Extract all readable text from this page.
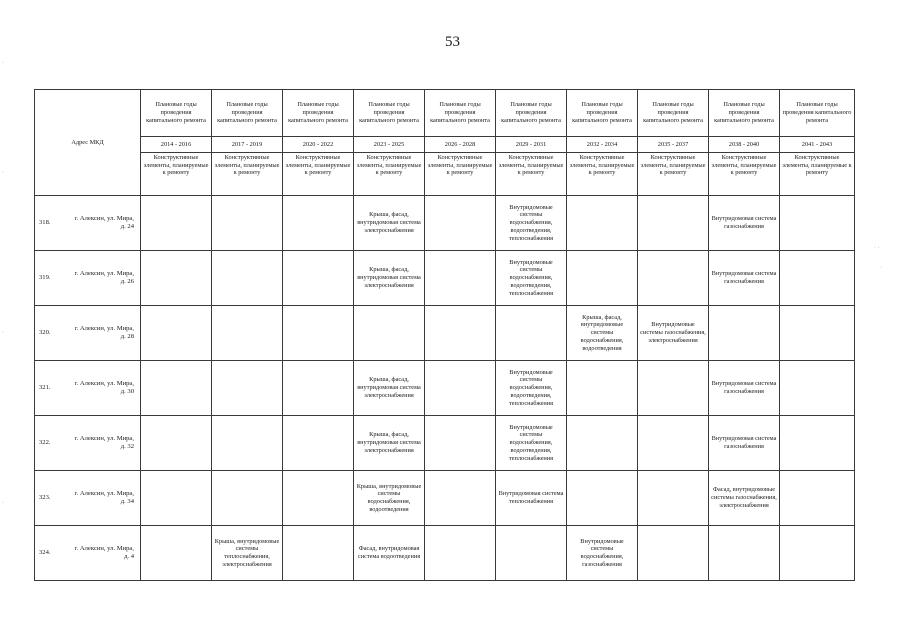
53
·
·
·
·
· ·
·
Адрес МКД		Плановые годы проведения капитального ремонта	Плановые годы проведения капитального ремонта	Плановые годы проведения капитального ремонта	Плановые годы проведения капитального ремонта	Плановые годы проведения капитального ремонта	Плановые годы проведения капитального ремонта	Плановые годы проведения капитального ремонта	Плановые годы проведения капитального ремонта	Плановые годы проведения капитального ремонта	Плановые годы проведения капитального ремонта
		2014 - 2016	2017 - 2019	2020 - 2022	2023 - 2025	2026 - 2028	2029 - 2031	2032 - 2034	2035 - 2037	2038 - 2040	2041 - 2043
		Конструктивные элементы, планируемые к ремонту	Конструктивные элементы, планируемые к ремонту	Конструктивные элементы, планируемые к ремонту	Конструктивные элементы, планируемые к ремонту	Конструктивные элементы, планируемые к ремонту	Конструктивные элементы, планируемые к ремонту	Конструктивные элементы, планируемые к ремонту	Конструктивные элементы, планируемые к ремонту	Конструктивные элементы, планируемые к ремонту	Конструктивные элементы, планируемые к ремонту
318.	г. Алексин, ул. Мира, д. 24				Крыша, фасад, внутридомовая система электроснабжения		Внутридомовые системы водоснабжения, водоотведения, теплоснабжения			Внутридомовая система газоснабжения	
319.	г. Алексин, ул. Мира, д. 26				Крыша, фасад, внутридомовая система электроснабжения		Внутридомовые системы водоснабжения, водоотведения, теплоснабжения			Внутридомовая система газоснабжения	
320.	г. Алексин, ул. Мира, д. 28							Крыша, фасад, внутридомовые системы водоснабжения, водоотведения	Внутридомовые системы газоснабжения, электроснабжения		
321.	г. Алексин, ул. Мира, д. 30				Крыша, фасад, внутридомовая система электроснабжения		Внутридомовые системы водоснабжения, водоотведения, теплоснабжения			Внутридомовая система газоснабжения	
322.	г. Алексин, ул. Мира, д. 32				Крыша, фасад, внутридомовая система электроснабжения		Внутридомовые системы водоснабжения, водоотведения, теплоснабжения			Внутридомовая система газоснабжения	
323.	г. Алексин, ул. Мира, д. 34				Крыша, внутридомовые системы водоснабжения, водоотведения		Внутридомовая система теплоснабжения			Фасад, внутридомовые системы газоснабжения, электроснабжения	
324.	г. Алексин, ул. Мира, д. 4		Крыша, внутридомовые системы теплоснабжения, электроснабжения		Фасад, внутридомовая система водоотведения			Внутридомовые системы водоснабжения, газоснабжения			
